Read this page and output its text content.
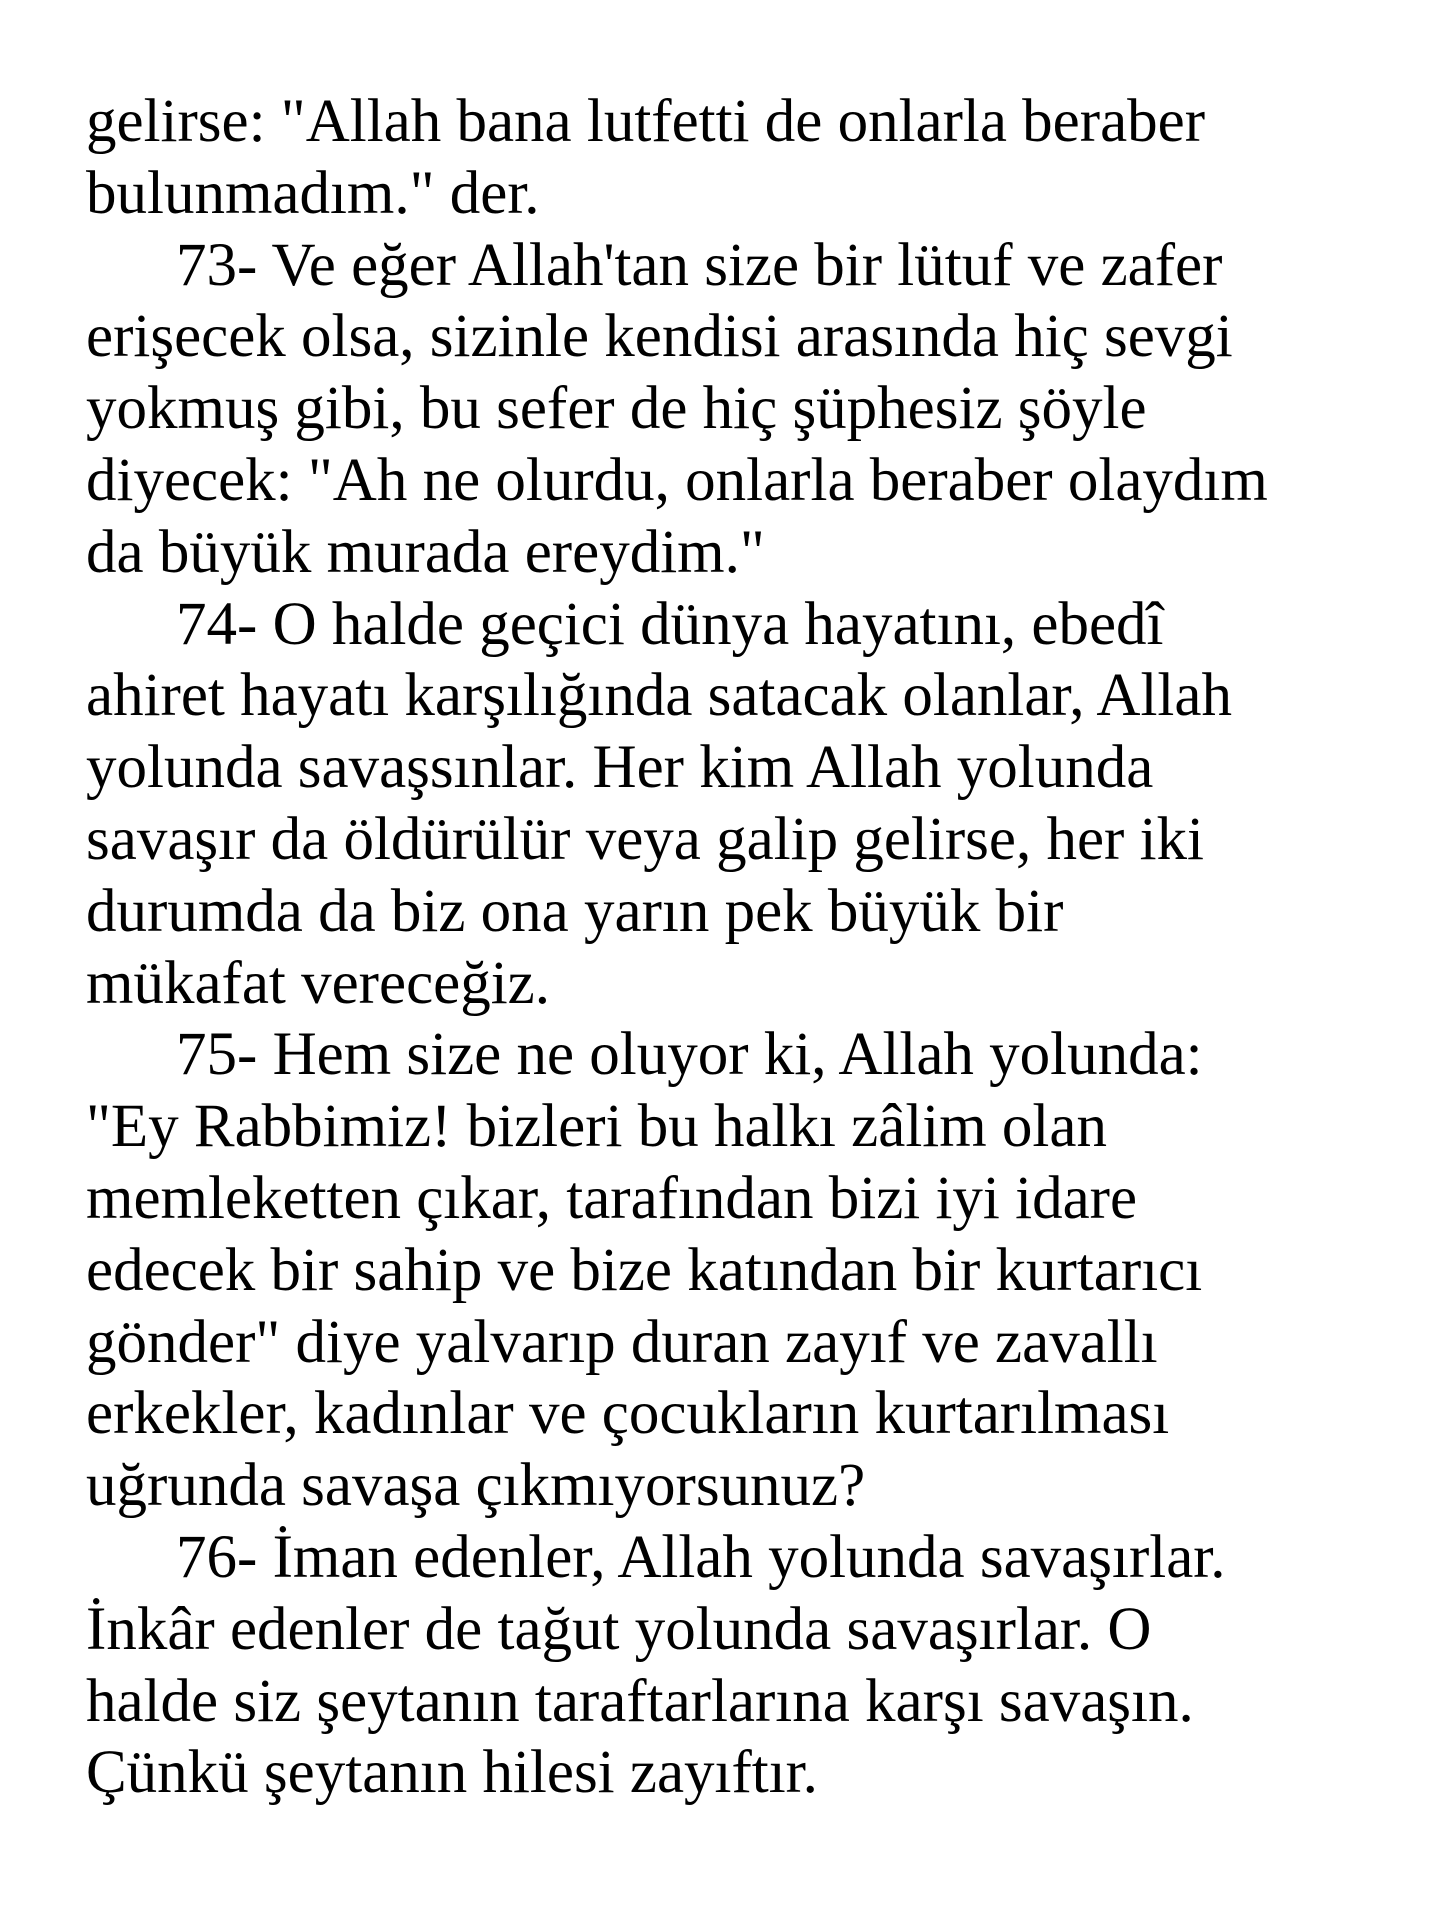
gelirse: "Allah bana lutfetti de onlarla beraber
bulunmadım." der.
73- Ve eğer Allah'tan size bir lütuf ve zafer
erişecek olsa, sizinle kendisi arasında hiç sevgi
yokmuş gibi, bu sefer de hiç şüphesiz şöyle
diyecek: "Ah ne olurdu, onlarla beraber olaydım
da büyük murada ereydim."
74- O halde geçici dünya hayatını, ebedî
ahiret hayatı karşılığında satacak olanlar, Allah
yolunda savaşsınlar. Her kim Allah yolunda
savaşır da öldürülür veya galip gelirse, her iki
durumda da biz ona yarın pek büyük bir
mükafat vereceğiz.
75- Hem size ne oluyor ki, Allah yolunda:
"Ey Rabbimiz! bizleri bu halkı zâlim olan
memleketten çıkar, tarafından bizi iyi idare
edecek bir sahip ve bize katından bir kurtarıcı
gönder" diye yalvarıp duran zayıf ve zavallı
erkekler, kadınlar ve çocukların kurtarılması
uğrunda savaşa çıkmıyorsunuz?
76- İman edenler, Allah yolunda savaşırlar.
İnkâr edenler de tağut yolunda savaşırlar. O
halde siz şeytanın taraftarlarına karşı savaşın.
Çünkü şeytanın hilesi zayıftır.
